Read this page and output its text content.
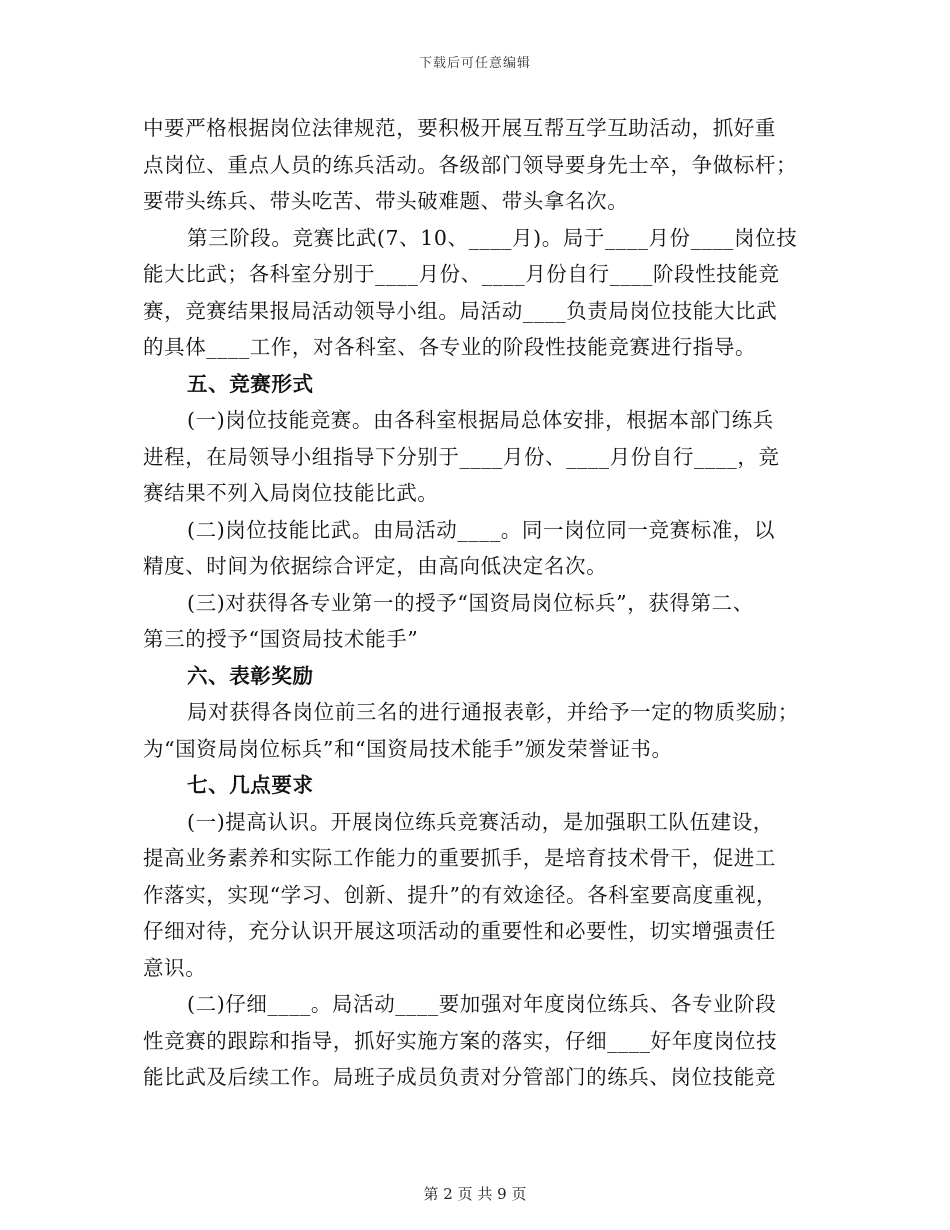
下载后可任意编辑
中要严格根据岗位法律规范，要积极开展互帮互学互助活动，抓好重
点岗位、重点人员的练兵活动。各级部门领导要身先士卒，争做标杆；
要带头练兵、带头吃苦、带头破难题、带头拿名次。
第三阶段。竞赛比武(7、10、____月)。局于____月份____岗位技
能大比武；各科室分别于____月份、____月份自行____阶段性技能竞
赛，竞赛结果报局活动领导小组。局活动____负责局岗位技能大比武
的具体____工作，对各科室、各专业的阶段性技能竞赛进行指导。
五、竞赛形式
(一)岗位技能竞赛。由各科室根据局总体安排，根据本部门练兵
进程，在局领导小组指导下分别于____月份、____月份自行____，竞
赛结果不列入局岗位技能比武。
(二)岗位技能比武。由局活动____。同一岗位同一竞赛标准，以
精度、时间为依据综合评定，由高向低决定名次。
(三)对获得各专业第一的授予“国资局岗位标兵”，获得第二、
第三的授予“国资局技术能手”
六、表彰奖励
局对获得各岗位前三名的进行通报表彰，并给予一定的物质奖励；
为“国资局岗位标兵”和“国资局技术能手”颁发荣誉证书。
七、几点要求
(一)提高认识。开展岗位练兵竞赛活动，是加强职工队伍建设，
提高业务素养和实际工作能力的重要抓手，是培育技术骨干，促进工
作落实，实现“学习、创新、提升”的有效途径。各科室要高度重视，
仔细对待，充分认识开展这项活动的重要性和必要性，切实增强责任
意识。
(二)仔细____。局活动____要加强对年度岗位练兵、各专业阶段
性竞赛的跟踪和指导，抓好实施方案的落实，仔细____好年度岗位技
能比武及后续工作。局班子成员负责对分管部门的练兵、岗位技能竞
第 2 页 共 9 页
